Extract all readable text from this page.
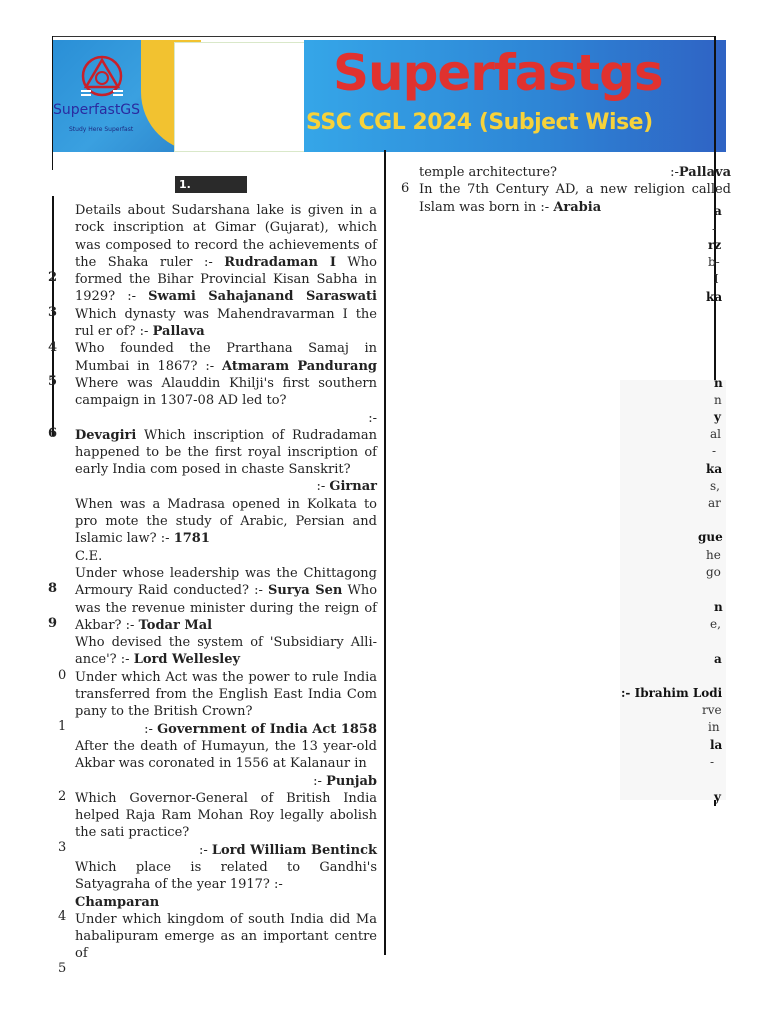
SuperfastGS
Study Here Superfast
Superfastgs
SSC CGL 2024 (Subject Wise)
1.
2
3
4
5
6
8
9
0
1
2
3
4
5

Details about Sudarshana lake is given in a rock inscription at Gimar (Gujarat), which was composed to record the achievements of the Shaka ruler :- Rudradaman I Who formed the Bihar Provincial Kisan Sabha in 1929? :- Swami Sahajanand Saraswati Which dynasty was Mahendravarman I the rul er of? :- Pallava

Who founded the Prarthana Samaj in Mumbai in 1867? :- Atmaram Pandurang Where was Alauddin Khilji's first southern campaign in 1307-08 AD led to?

:-

Devagiri Which inscription of Rudradaman happened to be the first royal inscription of early India com posed in chaste Sanskrit?

:- Girnar

When was a Madrasa opened in Kolkata to pro mote the study of Arabic, Persian and Islamic law? :- 1781

C.E.

Under whose leadership was the Chittagong Armoury Raid conducted? :- Surya Sen Who was the revenue minister during the reign of Akbar? :- Todar Mal

Who devised the system of 'Subsidiary Alli- ance'? :- Lord Wellesley

Under which Act was the power to rule India transferred from the English East India Com pany to the British Crown?

:- Government of India Act 1858

After the death of Humayun, the 13 year-old Akbar was coronated in 1556 at Kalanaur in

:- Punjab

Which Governor-General of British India helped Raja Ram Mohan Roy legally abolish the sati practice?

:- Lord William Bentinck

Which place is related to Gandhi's Satyagraha of the year 1917? :-

Champaran

Under which kingdom of south India did Ma habalipuram emerge as an important centre of

temple architecture?	:-Pallava

In the 7th Century AD, a new religion called Islam was born in :- Arabia

6
a
-
rz
b-
I
ka
n
n
y
al
-
ka
s,
ar
gue
he
go
n
e,
a
:- Ibrahim Lodi
rve
in
la
-
y
